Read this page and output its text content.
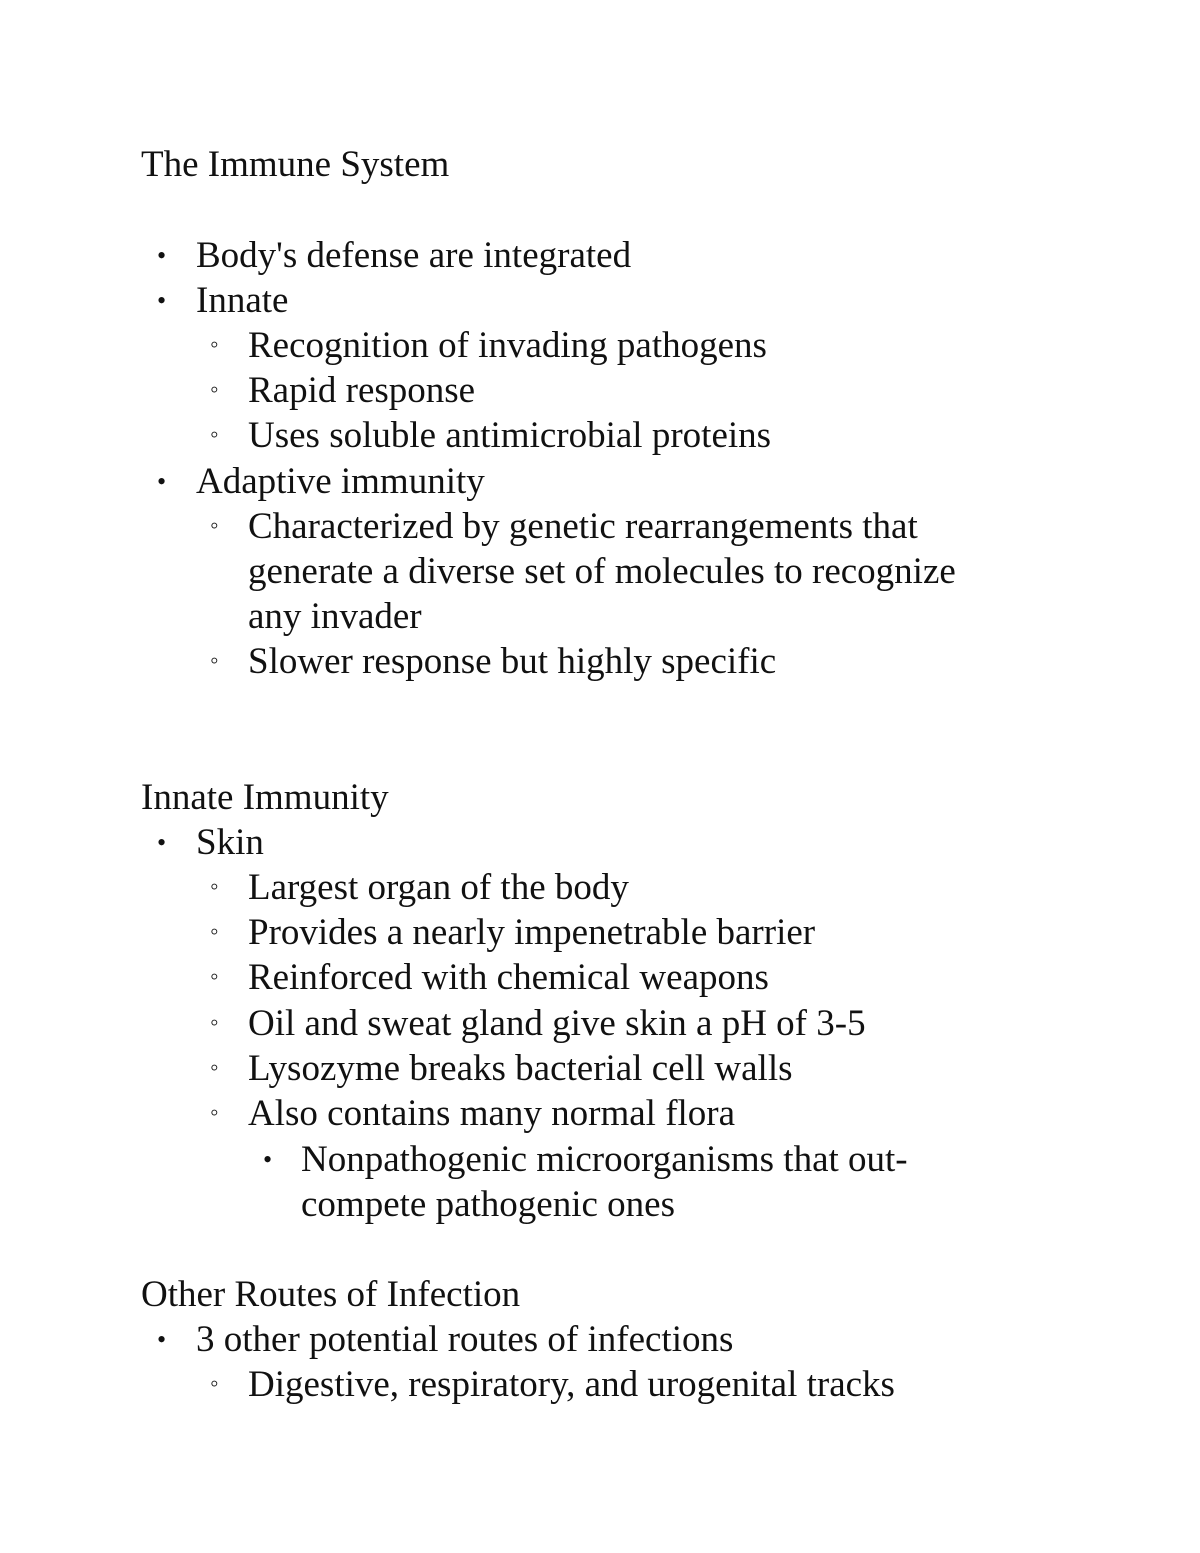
The Immune System
• Body's defense are integrated
• Innate
◦ Recognition of invading pathogens
◦ Rapid response
◦ Uses soluble antimicrobial proteins
• Adaptive immunity
◦ Characterized by genetic rearrangements that
generate a diverse set of molecules to recognize
any invader
◦ Slower response but highly specific
Innate Immunity
• Skin
◦ Largest organ of the body
◦ Provides a nearly impenetrable barrier
◦ Reinforced with chemical weapons
◦ Oil and sweat gland give skin a pH of 3-5
◦ Lysozyme breaks bacterial cell walls
◦ Also contains many normal flora
• Nonpathogenic microorganisms that out-
compete pathogenic ones
Other Routes of Infection
• 3 other potential routes of infections
◦ Digestive, respiratory, and urogenital tracks
